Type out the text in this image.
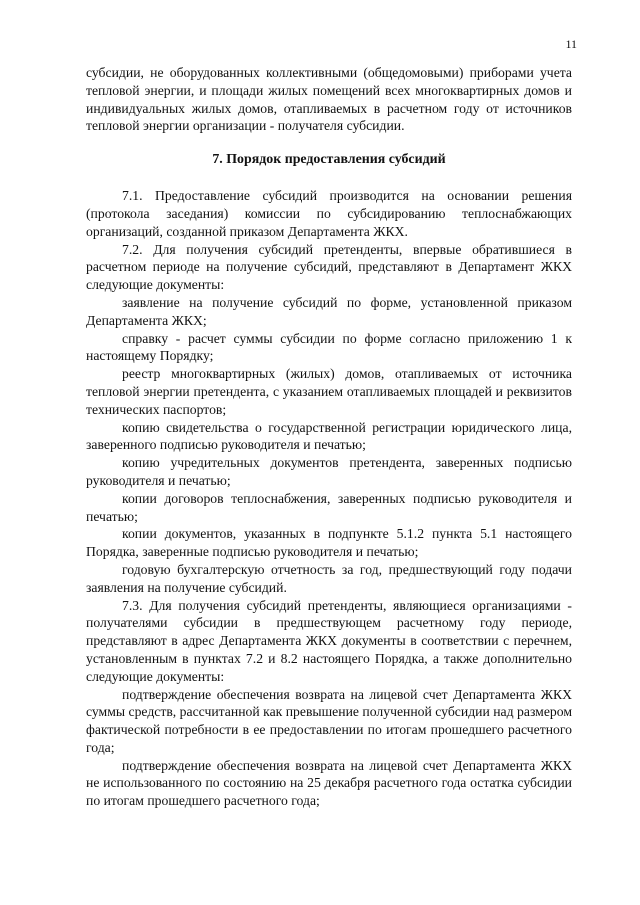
11

субсидии, не оборудованных коллективными (общедомовыми) приборами учета тепловой энергии, и площади жилых помещений всех многоквартирных домов и индивидуальных жилых домов, отапливаемых в расчетном году от источников тепловой энергии организации - получателя субсидии.

7. Порядок предоставления субсидий

7.1. Предоставление субсидий производится на основании решения (протокола заседания) комиссии по субсидированию теплоснабжающих организаций, созданной приказом Департамента ЖКХ.

7.2. Для получения субсидий претенденты, впервые обратившиеся в расчетном периоде на получение субсидий, представляют в Департамент ЖКХ следующие документы:

заявление на получение субсидий по форме, установленной приказом Департамента ЖКХ;

справку - расчет суммы субсидии по форме согласно приложению 1 к настоящему Порядку;

реестр многоквартирных (жилых) домов, отапливаемых от источника тепловой энергии претендента, с указанием отапливаемых площадей и реквизитов технических паспортов;

копию свидетельства о государственной регистрации юридического лица, заверенного подписью руководителя и печатью;

копию учредительных документов претендента, заверенных подписью руководителя и печатью;

копии договоров теплоснабжения, заверенных подписью руководителя и печатью;

копии документов, указанных в подпункте 5.1.2 пункта 5.1 настоящего Порядка, заверенные подписью руководителя и печатью;

годовую бухгалтерскую отчетность за год, предшествующий году подачи заявления на получение субсидий.

7.3. Для получения субсидий претенденты, являющиеся организациями - получателями субсидии в предшествующем расчетному году периоде, представляют в адрес Департамента ЖКХ документы в соответствии с перечнем, установленным в пунктах 7.2 и 8.2 настоящего Порядка, а также дополнительно следующие документы:

подтверждение обеспечения возврата на лицевой счет Департамента ЖКХ суммы средств, рассчитанной как превышение полученной субсидии над размером фактической потребности в ее предоставлении по итогам прошедшего расчетного года;

подтверждение обеспечения возврата на лицевой счет Департамента ЖКХ не использованного по состоянию на 25 декабря расчетного года остатка субсидии по итогам прошедшего расчетного года;
